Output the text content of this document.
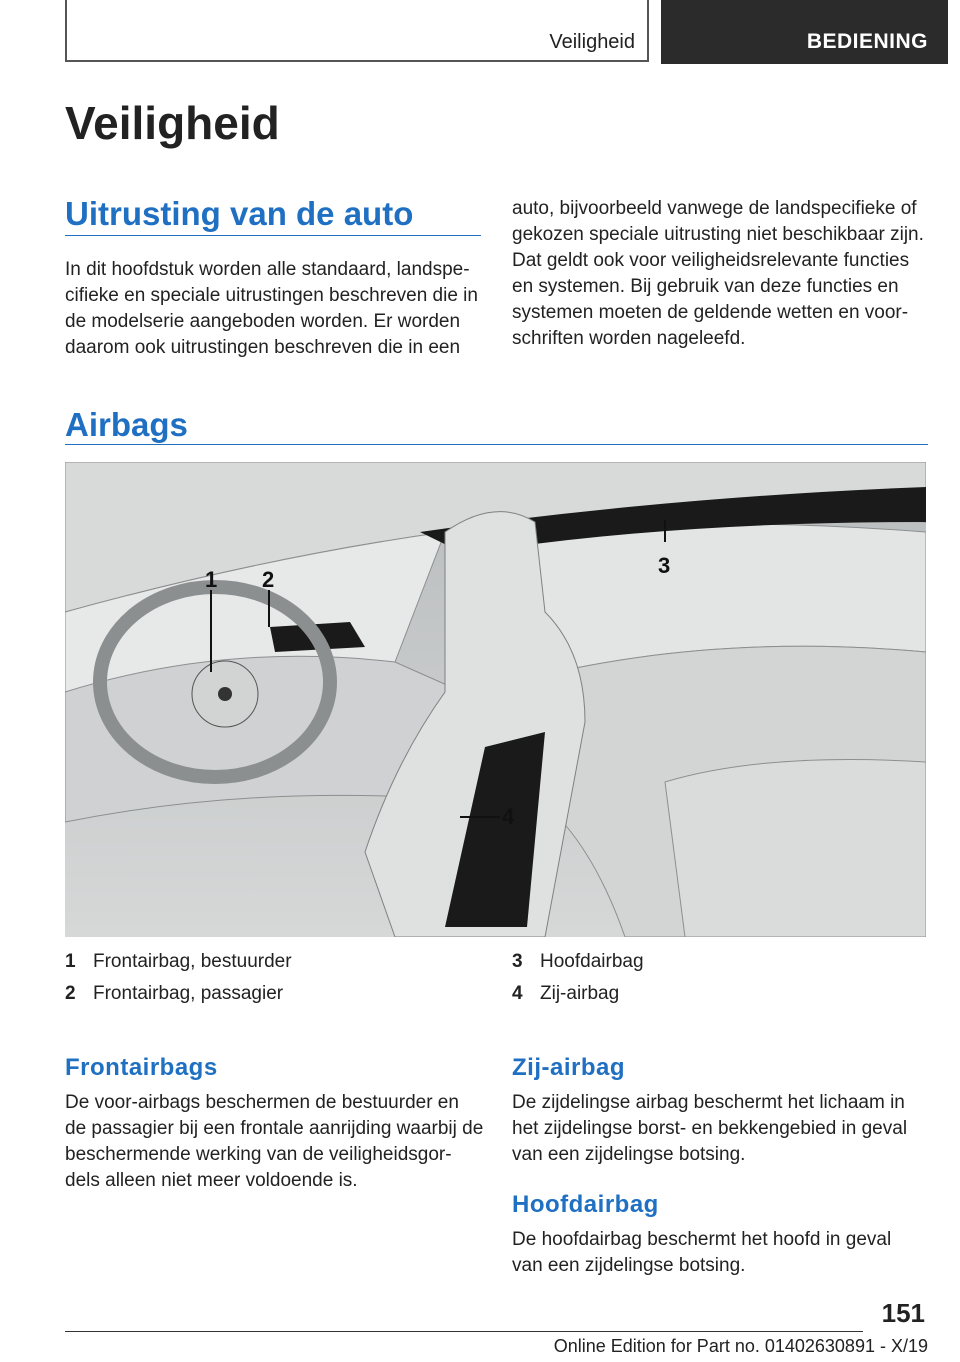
Veiligheid	BEDIENING
Veiligheid
Uitrusting van de auto

In dit hoofdstuk worden alle standaard, landspe-
cifieke en speciale uitrustingen beschreven die in
de modelserie aangeboden worden. Er worden
daarom ook uitrustingen beschreven die in een

auto, bijvoorbeeld vanwege de landspecifieke of
gekozen speciale uitrusting niet beschikbaar zijn.
Dat geldt ook voor veiligheidsrelevante functies
en systemen. Bij gebruik van deze functies en
systemen moeten de geldende wetten en voor-
schriften worden nageleefd.

Airbags
1 2
3
4
1 Frontairbag, bestuurder
2 Frontairbag, passagier
3 Hoofdairbag
4 Zij-airbag
Frontairbags

De voor-airbags beschermen de bestuurder en
de passagier bij een frontale aanrijding waarbij de
beschermende werking van de veiligheidsgor-
dels alleen niet meer voldoende is.

Zij-airbag

De zijdelingse airbag beschermt het lichaam in
het zijdelingse borst- en bekkengebied in geval
van een zijdelingse botsing.

Hoofdairbag

De hoofdairbag beschermt het hoofd in geval
van een zijdelingse botsing.

151
Online Edition for Part no. 01402630891 - X/19
